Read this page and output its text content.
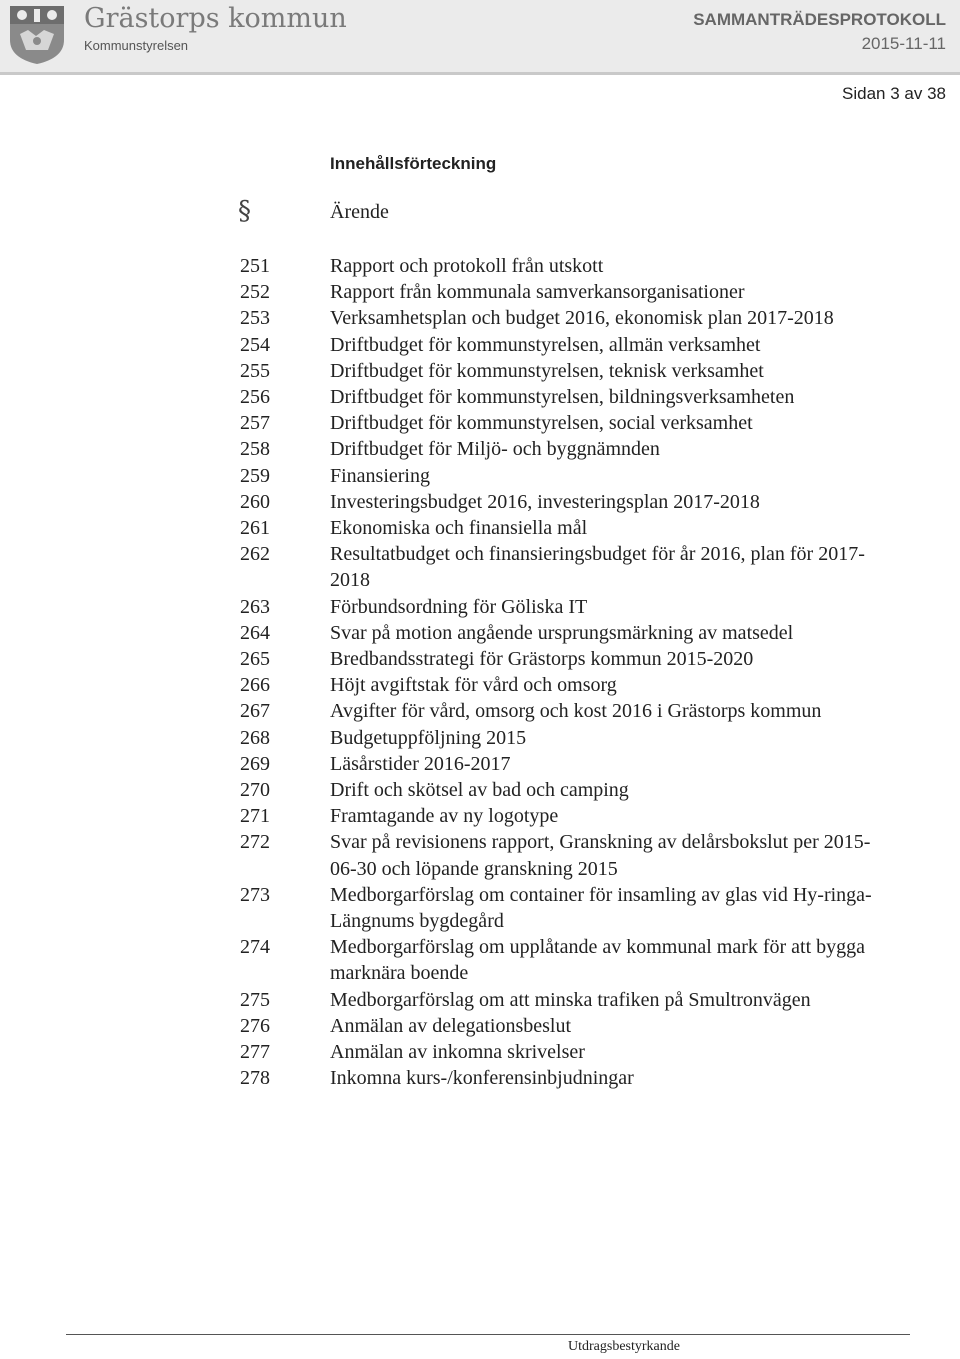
Grästorps kommun
Kommunstyrelsen
SAMMANTRÄDESPROTOKOLL
2015-11-11
Sidan 3 av 38
Innehållsförteckning
§	Ärende
251	Rapport och protokoll från utskott
252	Rapport från kommunala samverkansorganisationer
253	Verksamhetsplan och budget 2016, ekonomisk plan 2017-2018
254	Driftbudget för kommunstyrelsen, allmän verksamhet
255	Driftbudget för kommunstyrelsen, teknisk verksamhet
256	Driftbudget för kommunstyrelsen, bildningsverksamheten
257	Driftbudget för kommunstyrelsen, social verksamhet
258	Driftbudget för Miljö- och byggnämnden
259	Finansiering
260	Investeringsbudget 2016, investeringsplan 2017-2018
261	Ekonomiska och finansiella mål
262	Resultatbudget och finansieringsbudget för år 2016, plan för 2017-2018
263	Förbundsordning för Göliska IT
264	Svar på motion angående ursprungsmärkning av matsedel
265	Bredbandsstrategi för Grästorps kommun 2015-2020
266	Höjt avgiftstak för vård och omsorg
267	Avgifter för vård, omsorg och kost 2016 i Grästorps kommun
268	Budgetuppföljning 2015
269	Läsårstider 2016-2017
270	Drift och skötsel av bad och camping
271	Framtagande av ny logotype
272	Svar på revisionens rapport, Granskning av delårsbokslut per 2015-06-30 och löpande granskning 2015
273	Medborgarförslag om container för insamling av glas vid Hy-ringa- Längnums bygdegård
274	Medborgarförslag om upplåtande av kommunal mark för att bygga marknära boende
275	Medborgarförslag om att minska trafiken på Smultronvägen
276	Anmälan av delegationsbeslut
277	Anmälan av inkomna skrivelser
278	Inkomna kurs-/konferensinbjudningar
Utdragsbestyrkande
